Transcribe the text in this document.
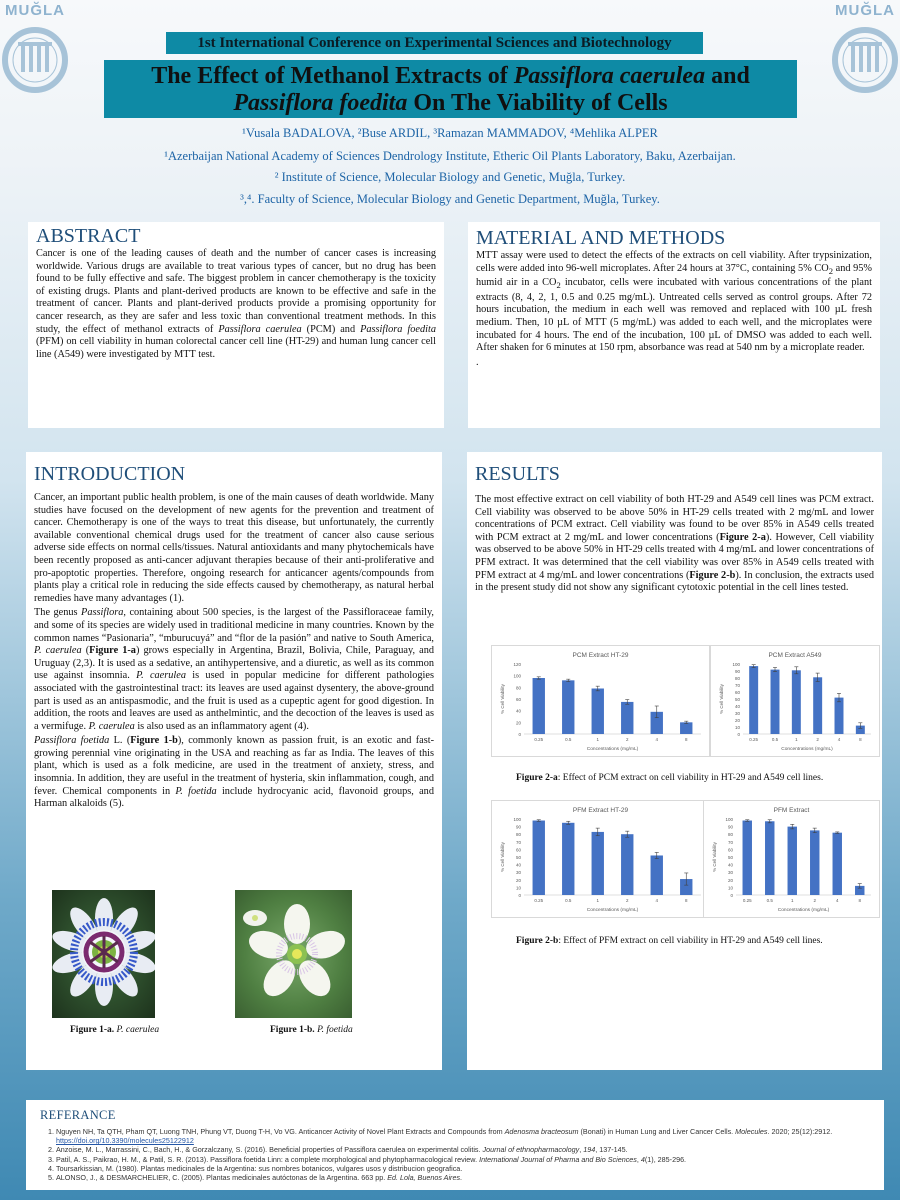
MUĞLA	MUĞLA
1st International Conference on Experimental Sciences and Biotechnology
The Effect of Methanol Extracts of Passiflora caerulea and
Passiflora foedita On The Viability of Cells
¹Vusala BADALOVA, ²Buse ARDIL, ³Ramazan MAMMADOV, ⁴Mehlika ALPER
¹Azerbaijan National Academy of Sciences Dendrology Institute, Etheric Oil Plants Laboratory, Baku, Azerbaijan.
² Institute of Science, Molecular Biology and Genetic, Muğla, Turkey.
³,⁴. Faculty of Science, Molecular Biology and Genetic Department, Muğla, Turkey.
ABSTRACT

Cancer is one of the leading causes of death and the number of cancer cases is increasing worldwide. Various drugs are available to treat various types of cancer, but no drug has been found to be fully effective and safe. The biggest problem in cancer chemotherapy is the toxicity of existing drugs. Plants and plant-derived products are known to be effective and safe in the treatment of cancer. Plants and plant-derived products provide a promising opportunity for cancer research, as they are safer and less toxic than conventional treatment methods. In this study, the effect of methanol extracts of Passiflora caerulea (PCM) and Passiflora foedita (PFM) on cell viability in human colorectal cancer cell line (HT-29) and human lung cancer cell line (A549) were investigated by MTT test.

MATERIAL AND METHODS

MTT assay were used to detect the effects of the extracts on cell viability. After trypsinization, cells were added into 96-well microplates. After 24 hours at 37°C, containing 5% $CO_2$ and 95% humid air in a $CO_2$ incubator, cells were incubated with various concentrations of the plant extracts (8, 4, 2, 1, 0.5 and 0.25 mg/mL). Untreated cells served as control groups. After 72 hours incubation, the medium in each well was removed and replaced with 100 µL fresh medium. Then, 10 µL of MTT (5 mg/mL) was added to each well, and the microplates were incubated for 4 hours. The end of the incubation, 100 µL of DMSO was added to each well. After shaken for 6 minutes at 150 rpm, absorbance was read at 540 nm by a microplate reader.

.

INTRODUCTION

Cancer, an important public health problem, is one of the main causes of death worldwide. Many studies have focused on the development of new agents for the prevention and treatment of cancer. Chemotherapy is one of the ways to treat this disease, but unfortunately, the currently available conventional chemical drugs used for the treatment of cancer also cause serious adverse side effects on normal cells/tissues. Natural antioxidants and many phytochemicals have been recently proposed as anti-cancer adjuvant therapies because of their anti-proliferative and pro-apoptotic properties. Therefore, ongoing research for anticancer agents/compounds from plants play a critical role in reducing the side effects caused by chemotherapy, as natural herbal remedies have many advantages (1).

The genus Passiflora, containing about 500 species, is the largest of the Passifloraceae family, and some of its species are widely used in traditional medicine in many countries. Known by the common names “Pasionaria”, “mburucuyá” and “flor de la pasión” and native to South America, P. caerulea (Figure 1-a) grows especially in Argentina, Brazil, Bolivia, Chile, Paraguay, and Uruguay (2,3). It is used as a sedative, an antihypertensive, and a diuretic, as well as its common use against insomnia. P. caerulea is used in popular medicine for different pathologies associated with the gastrointestinal tract: its leaves are used against dysentery, the above-ground part is used as an antispasmodic, and the fruit is used as a cupeptic agent for good digestion. In addition, the roots and leaves are used as anthelmintic, and the decoction of the leaves is used as a vermifuge. P. caerulea is also used as an inflammatory agent (4).

Passiflora foetida L. (Figure 1-b), commonly known as passion fruit, is an exotic and fast-growing perennial vine originating in the USA and reaching as far as India. The leaves of this plant, which is used as a folk medicine, are used in the treatment of anxiety, stress, and insomnia. In addition, they are useful in the treatment of hysteria, skin inflammation, cough, and fever. Chemical components in P. foetida include hydrocyanic acid, flavonoid groups, and Harman alkaloids (5).

Figure 1-a. P. caerulea	Figure 1-b. P. foetida
RESULTS

The most effective extract on cell viability of both HT-29 and A549 cell lines was PCM extract. Cell viability was observed to be above 50% in HT-29 cells treated with 2 mg/mL and lower concentrations of PCM extract. Cell viability was found to be over 85% in A549 cells treated with PCM extract at 2 mg/mL and lower concentrations (Figure 2-a). However, Cell viability was observed to be above 50% in HT-29 cells treated with 4 mg/mL and lower concentrations of PFM extract. It was determined that the cell viability was over 85% in A549 cells treated with PFM extract at 4 mg/mL and lower concentrations (Figure 2-b). In conclusion, the extracts used in the present study did not show any significant cytotoxic potential in the cell lines tested.

PCM Extract HT-29
0
20
40
60
80
100
120
% Cell Viability
0.25	0.5	1	2	4	8
Concentrations (mg/mL)
PCM Extract A549
0
10
20
30
40
50
60
70
80
90
100
% Cell Viability
0.25	0.5	1	2	4	8
Concentrations (mg/mL)
Figure 2-a: Effect of PCM extract on cell viability in HT-29 and A549 cell lines.
PFM Extract HT-29
0
10
20
30
40
50
60
70
80
90
100
% Cell Viability
0.25	0.5	1	2	4	8
Concentrations (mg/mL)
PFM Extract
0
10
20
30
40
50
60
70
80
90
100
% Cell Viability
0.25	0.5	1	2	4	8
Concentrations (mg/mL)
Figure 2-b: Effect of PFM extract on cell viability in HT-29 and A549 cell lines.
REFERANCE
1. Nguyen NH, Ta QTH, Pham QT, Luong TNH, Phung VT, Duong T-H, Vo VG. Anticancer Activity of Novel Plant Extracts and Compounds from Adenosma bracteosum (Bonati) in Human Lung and Liver Cancer Cells. Molecules. 2020; 25(12):2912. https://doi.org/10.3390/molecules25122912
2. Anzoise, M. L., Marrassini, C., Bach, H., & Gorzalczany, S. (2016). Beneficial properties of Passiflora caerulea on experimental colitis. Journal of ethnopharmacology, 194, 137-145.
3. Patil, A. S., Paikrao, H. M., & Patil, S. R. (2013). Passiflora foetida Linn: a complete morphological and phytopharmacological review. International Journal of Pharma and Bio Sciences, 4(1), 285-296.
4. Toursarkissian, M. (1980). Plantas medicinales de la Argentina: sus nombres botanicos, vulgares usos y distribucion geografica.
5. ALONSO, J., & DESMARCHELIER, C. (2005). Plantas medicinales autóctonas de la Argentina. 663 pp. Ed. Lola, Buenos Aires.
